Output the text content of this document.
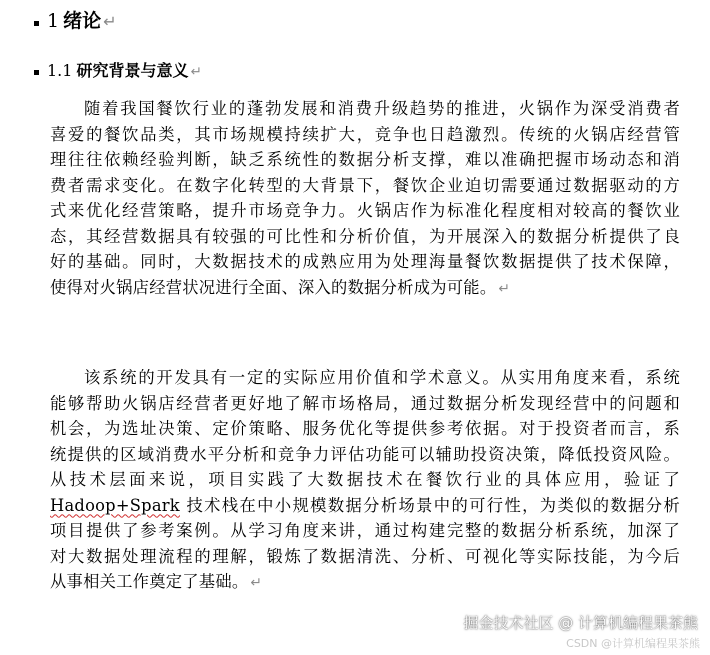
1 绪论 ↵
1.1 研究背景与意义 ↵
随着我国餐饮行业的蓬勃发展和消费升级趋势的推进，火锅作为深受消费者
喜爱的餐饮品类，其市场规模持续扩大，竞争也日趋激烈。传统的火锅店经营管
理往往依赖经验判断，缺乏系统性的数据分析支撑，难以准确把握市场动态和消
费者需求变化。在数字化转型的大背景下，餐饮企业迫切需要通过数据驱动的方
式来优化经营策略，提升市场竞争力。火锅店作为标准化程度相对较高的餐饮业
态，其经营数据具有较强的可比性和分析价值，为开展深入的数据分析提供了良
好的基础。同时，大数据技术的成熟应用为处理海量餐饮数据提供了技术保障，
使得对火锅店经营状况进行全面、深入的数据分析成为可能。 ↵
该系统的开发具有一定的实际应用价值和学术意义。从实用角度来看，系统
能够帮助火锅店经营者更好地了解市场格局，通过数据分析发现经营中的问题和
机会，为选址决策、定价策略、服务优化等提供参考依据。对于投资者而言，系
统提供的区域消费水平分析和竞争力评估功能可以辅助投资决策，降低投资风险。
从技术层面来说，项目实践了大数据技术在餐饮行业的具体应用，验证了
Hadoop+Spark 技术栈在中小规模数据分析场景中的可行性，为类似的数据分析
项目提供了参考案例。从学习角度来讲，通过构建完整的数据分析系统，加深了
对大数据处理流程的理解，锻炼了数据清洗、分析、可视化等实际技能，为今后
从事相关工作奠定了基础。 ↵
掘金技术社区 @ 计算机编程果茶熊
CSDN @计算机编程果茶熊
